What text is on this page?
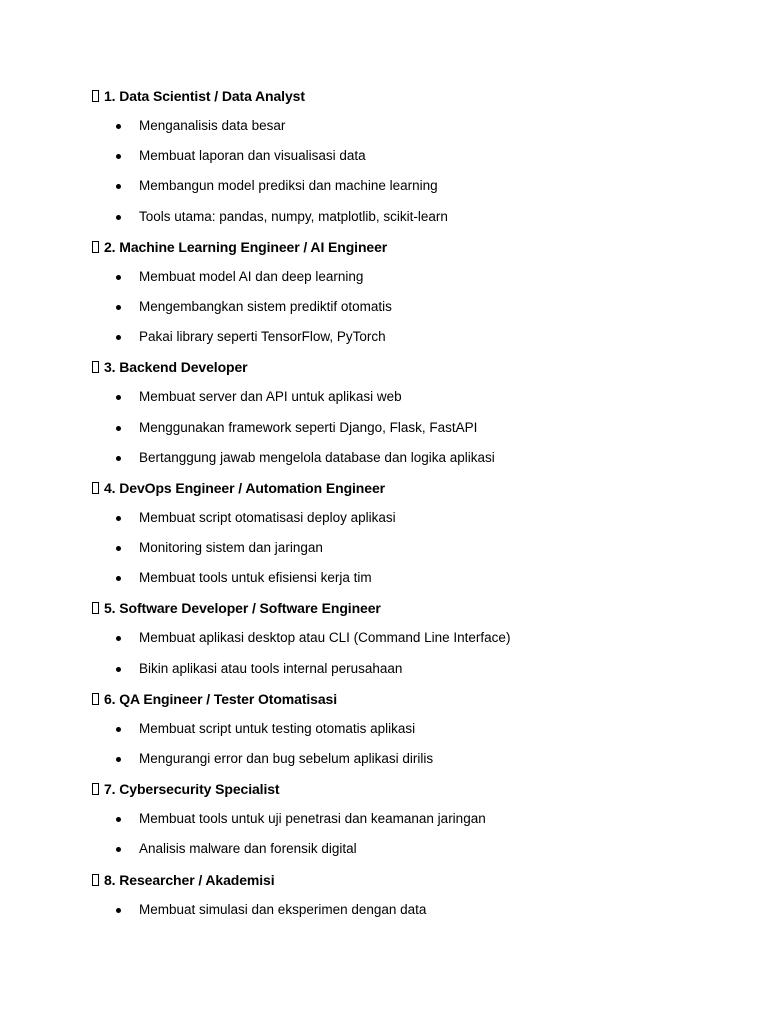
1. Data Scientist / Data Analyst
Menganalisis data besar
Membuat laporan dan visualisasi data
Membangun model prediksi dan machine learning
Tools utama: pandas, numpy, matplotlib, scikit-learn
2. Machine Learning Engineer / AI Engineer
Membuat model AI dan deep learning
Mengembangkan sistem prediktif otomatis
Pakai library seperti TensorFlow, PyTorch
3. Backend Developer
Membuat server dan API untuk aplikasi web
Menggunakan framework seperti Django, Flask, FastAPI
Bertanggung jawab mengelola database dan logika aplikasi
4. DevOps Engineer / Automation Engineer
Membuat script otomatisasi deploy aplikasi
Monitoring sistem dan jaringan
Membuat tools untuk efisiensi kerja tim
5. Software Developer / Software Engineer
Membuat aplikasi desktop atau CLI (Command Line Interface)
Bikin aplikasi atau tools internal perusahaan
6. QA Engineer / Tester Otomatisasi
Membuat script untuk testing otomatis aplikasi
Mengurangi error dan bug sebelum aplikasi dirilis
7. Cybersecurity Specialist
Membuat tools untuk uji penetrasi dan keamanan jaringan
Analisis malware dan forensik digital
8. Researcher / Akademisi
Membuat simulasi dan eksperimen dengan data
